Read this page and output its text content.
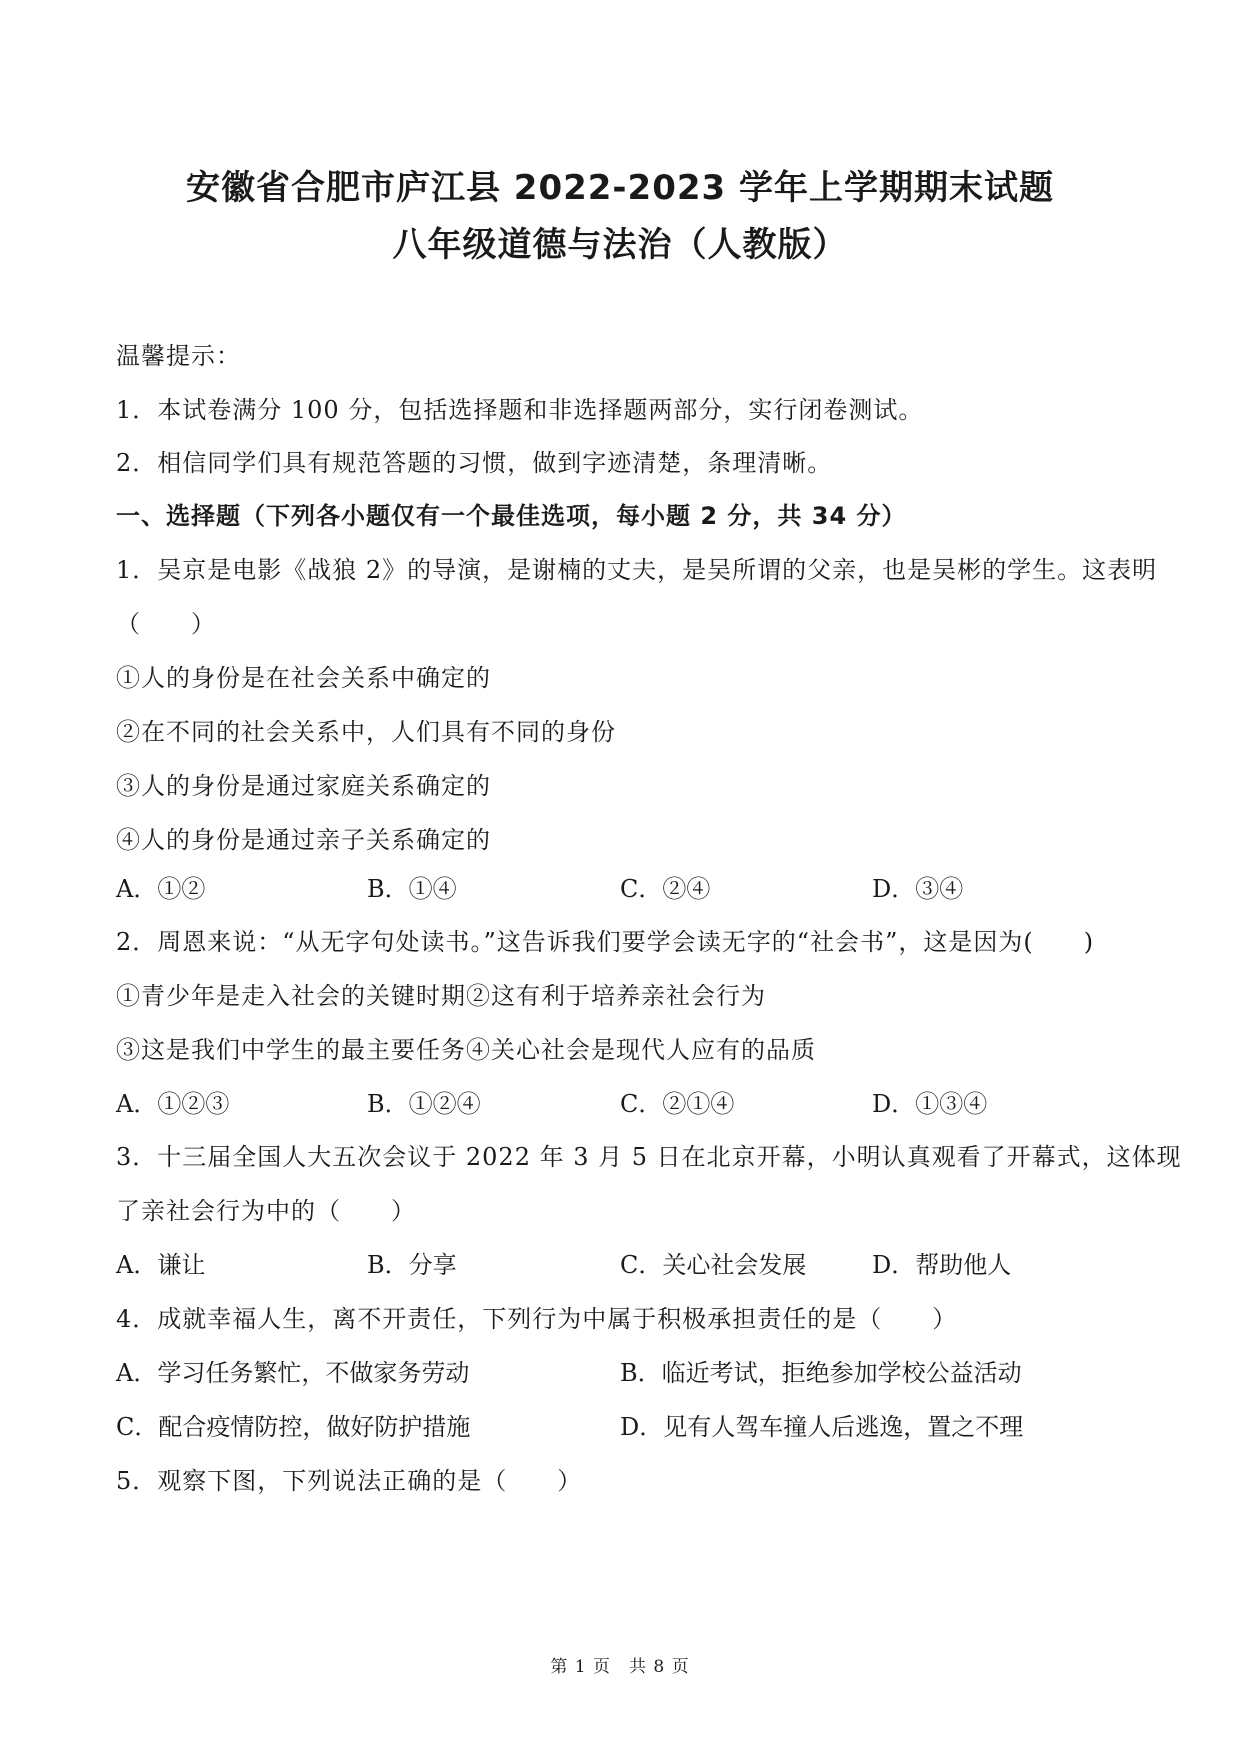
安徽省合肥市庐江县 2022-2023 学年上学期期末试题
八年级道德与法治（人教版）
温馨提示：
1．本试卷满分 100 分，包括选择题和非选择题两部分，实行闭卷测试。
2．相信同学们具有规范答题的习惯，做到字迹清楚，条理清晰。
一、选择题（下列各小题仅有一个最佳选项，每小题 2 分，共 34 分）
1．吴京是电影《战狼 2》的导演，是谢楠的丈夫，是吴所谓的父亲，也是吴彬的学生。这表明
（　　）
①人的身份是在社会关系中确定的
②在不同的社会关系中，人们具有不同的身份
③人的身份是通过家庭关系确定的
④人的身份是通过亲子关系确定的
A．①②	B．①④	C．②④	D．③④
2．周恩来说：“从无字句处读书。”这告诉我们要学会读无字的“社会书”，这是因为(　　)
①青少年是走入社会的关键时期②这有利于培养亲社会行为
③这是我们中学生的最主要任务④关心社会是现代人应有的品质
A．①②③	B．①②④	C．②①④	D．①③④
3．十三届全国人大五次会议于 2022 年 3 月 5 日在北京开幕，小明认真观看了开幕式，这体现
了亲社会行为中的（　　）
A．谦让	B．分享	C．关心社会发展	D．帮助他人
4．成就幸福人生，离不开责任，下列行为中属于积极承担责任的是（　　）
A．学习任务繁忙，不做家务劳动	B．临近考试，拒绝参加学校公益活动
C．配合疫情防控，做好防护措施	D．见有人驾车撞人后逃逸，置之不理
5．观察下图，下列说法正确的是（　　）
第 1 页　共 8 页
